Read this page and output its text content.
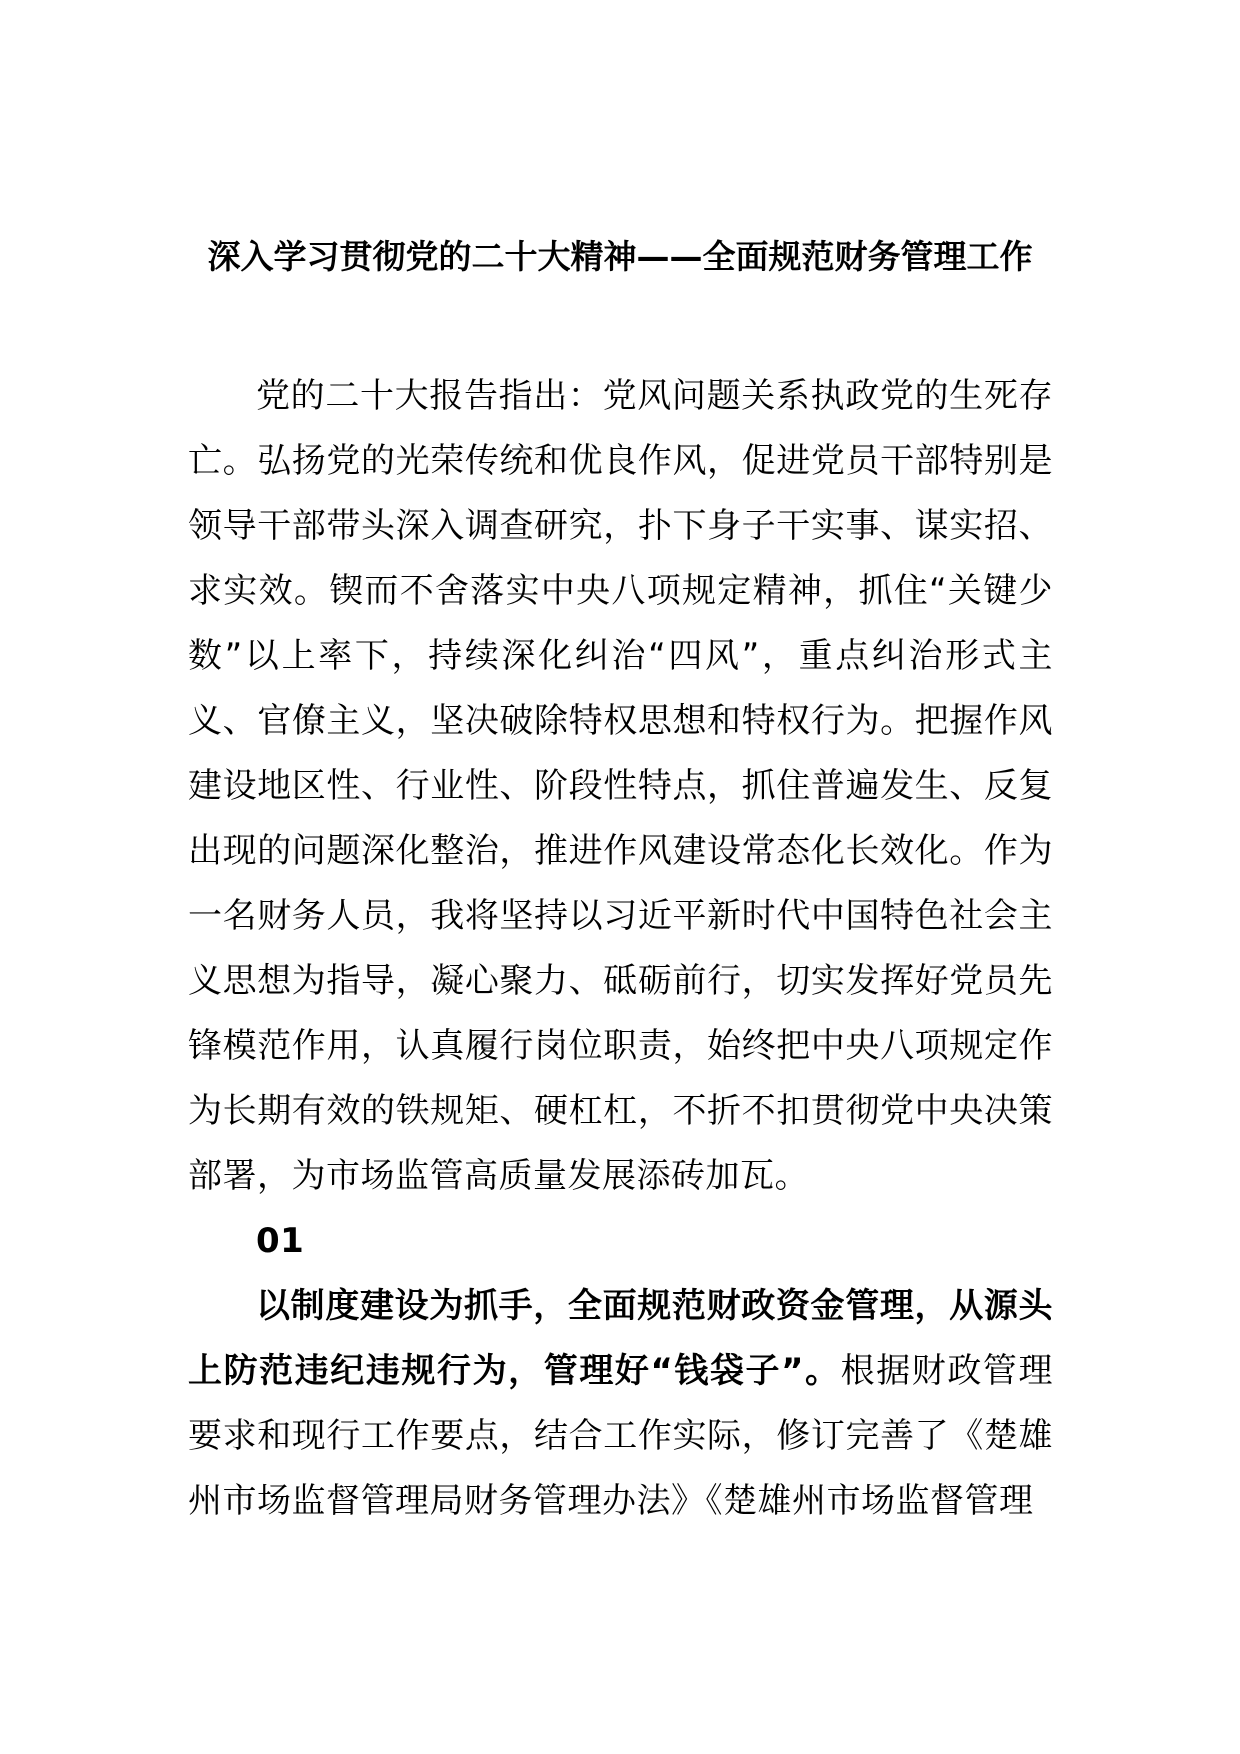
深入学习贯彻党的二十大精神——全面规范财务管理工作

党的二十大报告指出：党风问题关系执政党的生死存亡。弘扬党的光荣传统和优良作风，促进党员干部特别是领导干部带头深入调查研究，扑下身子干实事、谋实招、求实效。锲而不舍落实中央八项规定精神，抓住“关键少数”以上率下，持续深化纠治“四风”，重点纠治形式主义、官僚主义，坚决破除特权思想和特权行为。把握作风建设地区性、行业性、阶段性特点，抓住普遍发生、反复出现的问题深化整治，推进作风建设常态化长效化。作为一名财务人员，我将坚持以习近平新时代中国特色社会主义思想为指导，凝心聚力、砥砺前行，切实发挥好党员先锋模范作用，认真履行岗位职责，始终把中央八项规定作为长期有效的铁规矩、硬杠杠，不折不扣贯彻党中央决策部署，为市场监管高质量发展添砖加瓦。

01

以制度建设为抓手，全面规范财政资金管理，从源头上防范违纪违规行为，管理好“钱袋子”。根据财政管理要求和现行工作要点，结合工作实际，修订完善了《楚雄州市场监督管理局财务管理办法》《楚雄州市场监督管理
